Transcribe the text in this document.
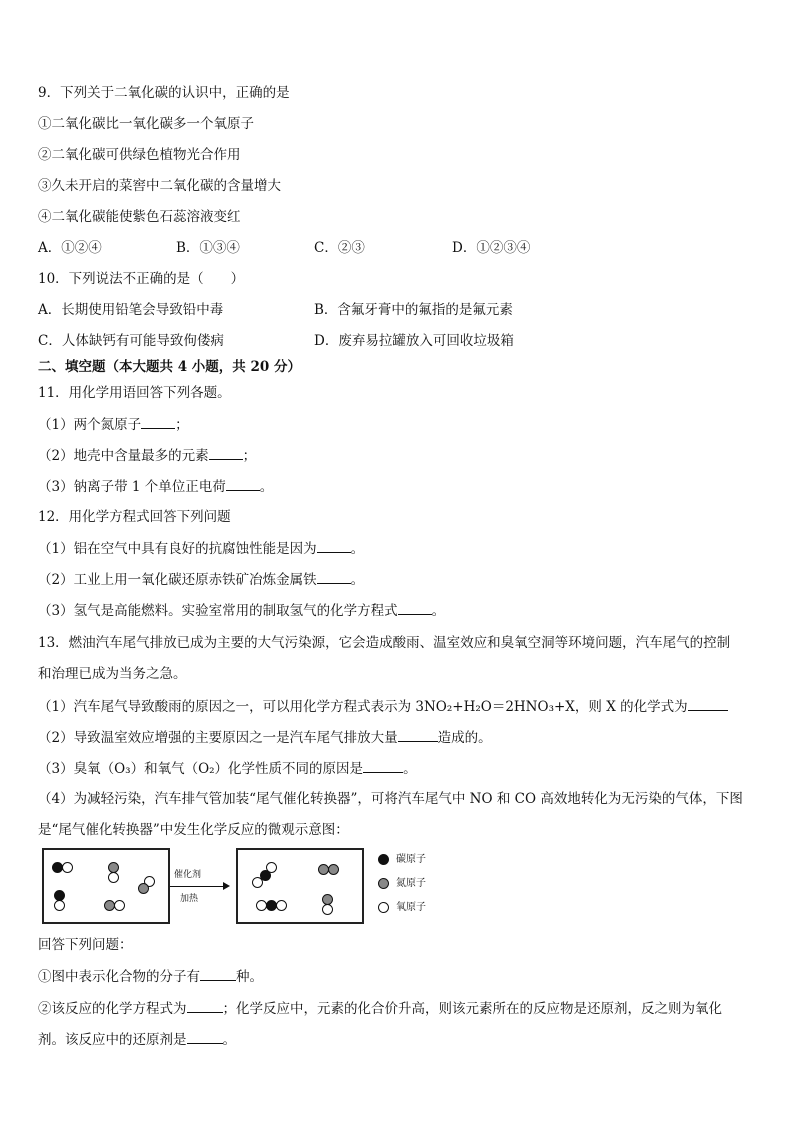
9．下列关于二氧化碳的认识中，正确的是
①二氧化碳比一氧化碳多一个氧原子
②二氧化碳可供绿色植物光合作用
③久未开启的菜窖中二氧化碳的含量增大
④二氧化碳能使紫色石蕊溶液变红
A．①②④	B．①③④	C．②③	D．①②③④
10．下列说法不正确的是（　　）
A．长期使用铅笔会导致铅中毒	B．含氟牙膏中的氟指的是氟元素
C．人体缺钙有可能导致佝偻病	D．废弃易拉罐放入可回收垃圾箱
二、填空题（本大题共 4 小题，共 20 分）
11．用化学用语回答下列各题。
（1）两个氮原子	；
（2）地壳中含量最多的元素	；
（3）钠离子带 1 个单位正电荷	。
12．用化学方程式回答下列问题
（1）铝在空气中具有良好的抗腐蚀性能是因为	。
（2）工业上用一氧化碳还原赤铁矿冶炼金属铁	。
（3）氢气是高能燃料。实验室常用的制取氢气的化学方程式	。
13．燃油汽车尾气排放已成为主要的大气污染源，它会造成酸雨、温室效应和臭氧空洞等环境问题，汽车尾气的控制
和治理已成为当务之急。
（1）汽车尾气导致酸雨的原因之一，可以用化学方程式表示为 3NO₂+H₂O＝2HNO₃+X，则 X 的化学式为
（2）导致温室效应增强的主要原因之一是汽车尾气排放大量	造成的。
（3）臭氧（O₃）和氧气（O₂）化学性质不同的原因是	。
（4）为减轻污染，汽车排气管加装“尾气催化转换器”，可将汽车尾气中 NO 和 CO 高效地转化为无污染的气体，下图
是“尾气催化转换器”中发生化学反应的微观示意图：
催化剂
加热
碳原子
氮原子
氧原子
回答下列问题：
①图中表示化合物的分子有	种。
②该反应的化学方程式为	；化学反应中，元素的化合价升高，则该元素所在的反应物是还原剂，反之则为氧化
剂。该反应中的还原剂是	。
